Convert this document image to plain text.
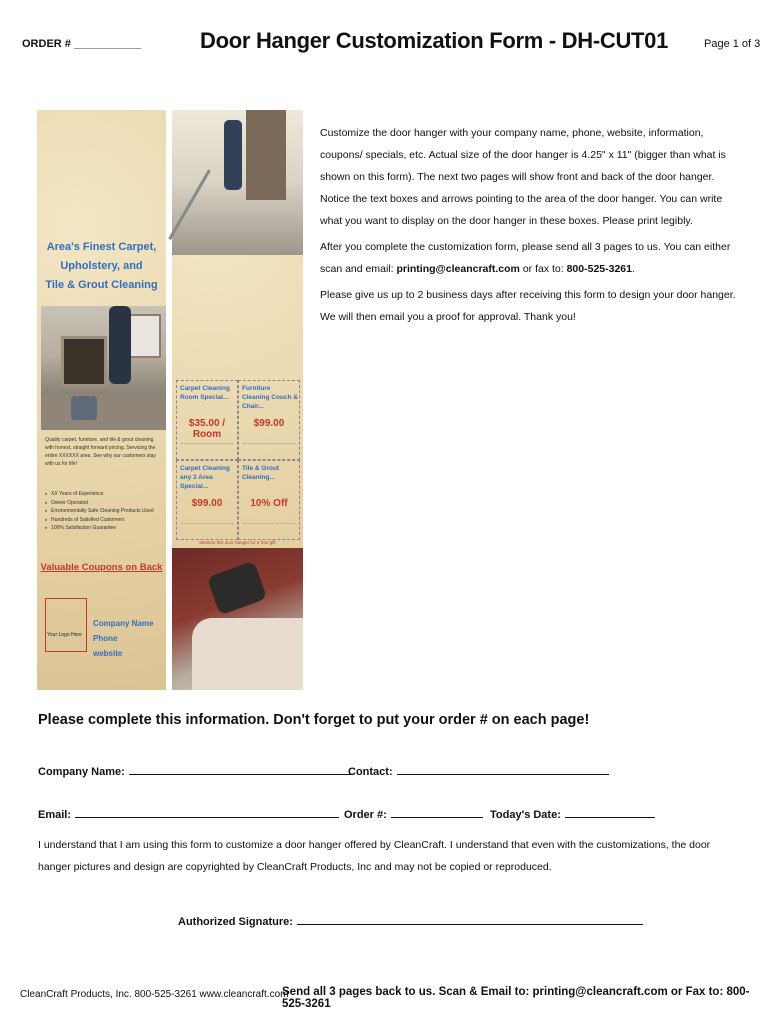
ORDER # ___________	Door Hanger Customization Form - DH-CUT01	Page 1 of 3
Area's Finest Carpet,
Upholstery, and
Tile & Grout Cleaning
Quality carpet, furniture, and tile & grout cleaning with honest, straight forward pricing. Servicing the entire XXXXXX area. See why our customers stay with us for life!
♦ XX Years of Experience
♦ Owner Operated
♦ Environmentally Safe Cleaning Products Used
♦ Hundreds of Satisfied Customers
♦ 100% Satisfaction Guarantee
Valuable Coupons on Back
Your Logo Here
Company Name
Phone
website
Carpet Cleaning Room Special...
$35.00 / Room
Furniture Cleaning Couch & Chair...
$99.00
Carpet Cleaning any 3 Area Special...
$99.00
Tile & Grout Cleaning...
10% Off
Mention this door hanger for a free gift

Customize the door hanger with your company name, phone, website, information, coupons/ specials, etc. Actual size of the door hanger is 4.25" x 11" (bigger than what is shown on this form). The next two pages will show front and back of the door hanger. Notice the text boxes and arrows pointing to the area of the door hanger. You can write what you want to display on the door hanger in these boxes. Please print legibly.

After you complete the customization form, please send all 3 pages to us. You can either scan and email: printing@cleancraft.com or fax to: 800-525-3261.

Please give us up to 2 business days after receiving this form to design your door hanger. We will then email you a proof for approval. Thank you!

Please complete this information. Don't forget to put your order # on each page!
Company Name:	Contact:
Email:	Order #:	Today's Date:
I understand that I am using this form to customize a door hanger offered by CleanCraft. I understand that even with the customizations, the door hanger pictures and design are copyrighted by CleanCraft Products, Inc and may not be copied or reproduced.
Authorized Signature:
CleanCraft Products, Inc. 800-525-3261 www.cleancraft.com
Send all 3 pages back to us. Scan & Email to: printing@cleancraft.com or Fax to: 800-525-3261
